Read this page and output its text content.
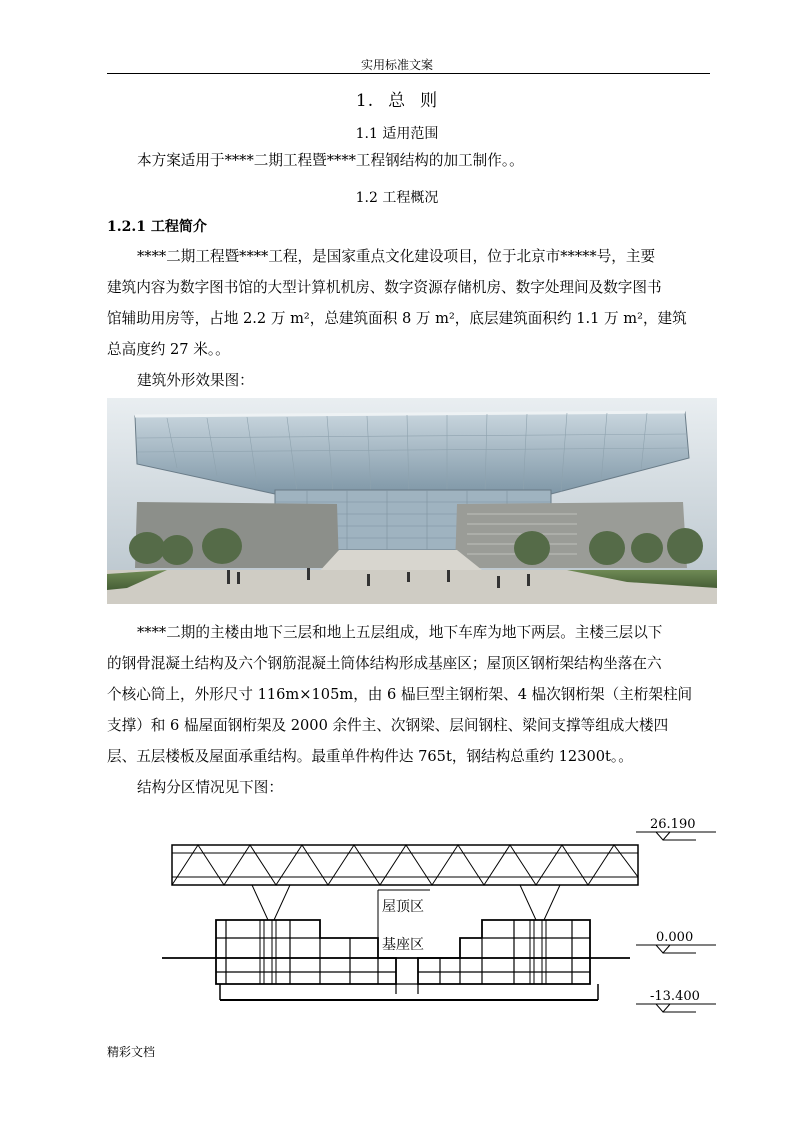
实用标准文案
1. 总 则
1.1 适用范围
本方案适用于****二期工程暨****工程钢结构的加工制作。。
1.2 工程概况
1.2.1 工程简介
****二期工程暨****工程，是国家重点文化建设项目，位于北京市*****号，主要
建筑内容为数字图书馆的大型计算机机房、数字资源存储机房、数字处理间及数字图书
馆辅助用房等，占地 2.2 万 m²，总建筑面积 8 万 m²，底层建筑面积约 1.1 万 m²，建筑
总高度约 27 米。。
建筑外形效果图：
****二期的主楼由地下三层和地上五层组成，地下车库为地下两层。主楼三层以下
的钢骨混凝土结构及六个钢筋混凝土筒体结构形成基座区；屋顶区钢桁架结构坐落在六
个核心筒上，外形尺寸 116m×105m，由 6 榀巨型主钢桁架、4 榀次钢桁架（主桁架柱间
支撑）和 6 榀屋面钢桁架及 2000 余件主、次钢梁、层间钢柱、梁间支撑等组成大楼四
层、五层楼板及屋面承重结构。最重单件构件达 765t，钢结构总重约 12300t。。
结构分区情况见下图：
屋顶区
基座区
26.190
0.000
-13.400
精彩文档
